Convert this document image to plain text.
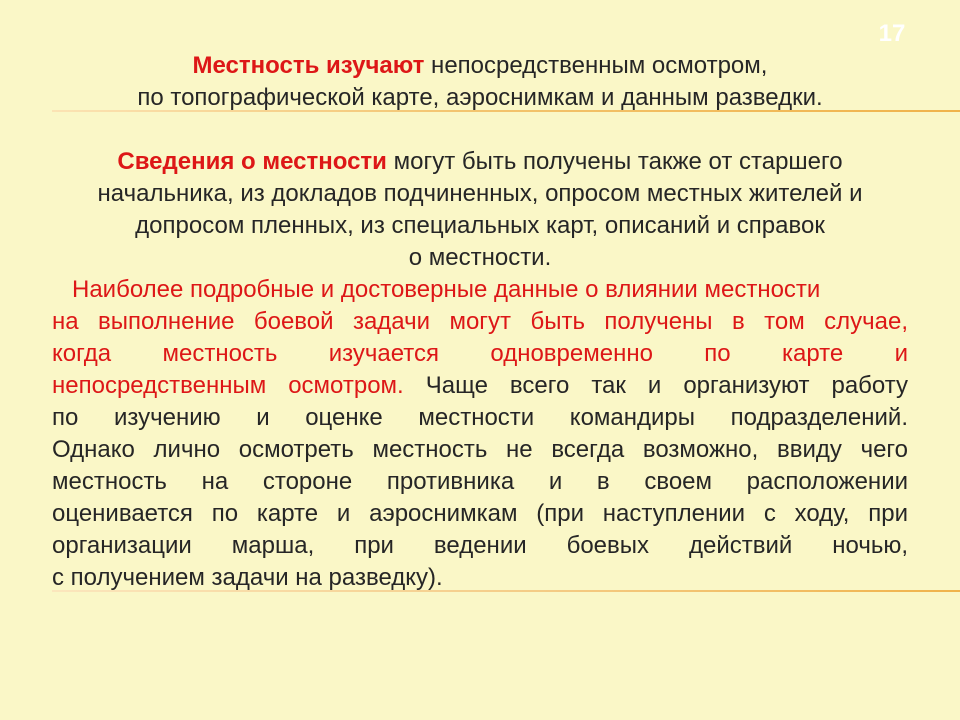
17
Местность изучают непосредственным осмотром,
по топографической карте, аэроснимкам и данным разведки.
Сведения о местности могут быть получены также от старшего
начальника, из докладов подчиненных, опросом местных жителей и
допросом пленных, из специальных карт, описаний и справок
о местности.
Наиболее подробные и достоверные данные о влиянии местности
на выполнение боевой задачи могут быть получены в том случае,
когда местность изучается одновременно по карте и
непосредственным осмотром. Чаще всего так и организуют работу
по изучению и оценке местности командиры подразделений.
Однако лично осмотреть местность не всегда возможно, ввиду чего
местность на стороне противника и в своем расположении
оценивается по карте и аэроснимкам (при наступлении с ходу, при
организации марша, при ведении боевых действий ночью,
с получением задачи на разведку).
